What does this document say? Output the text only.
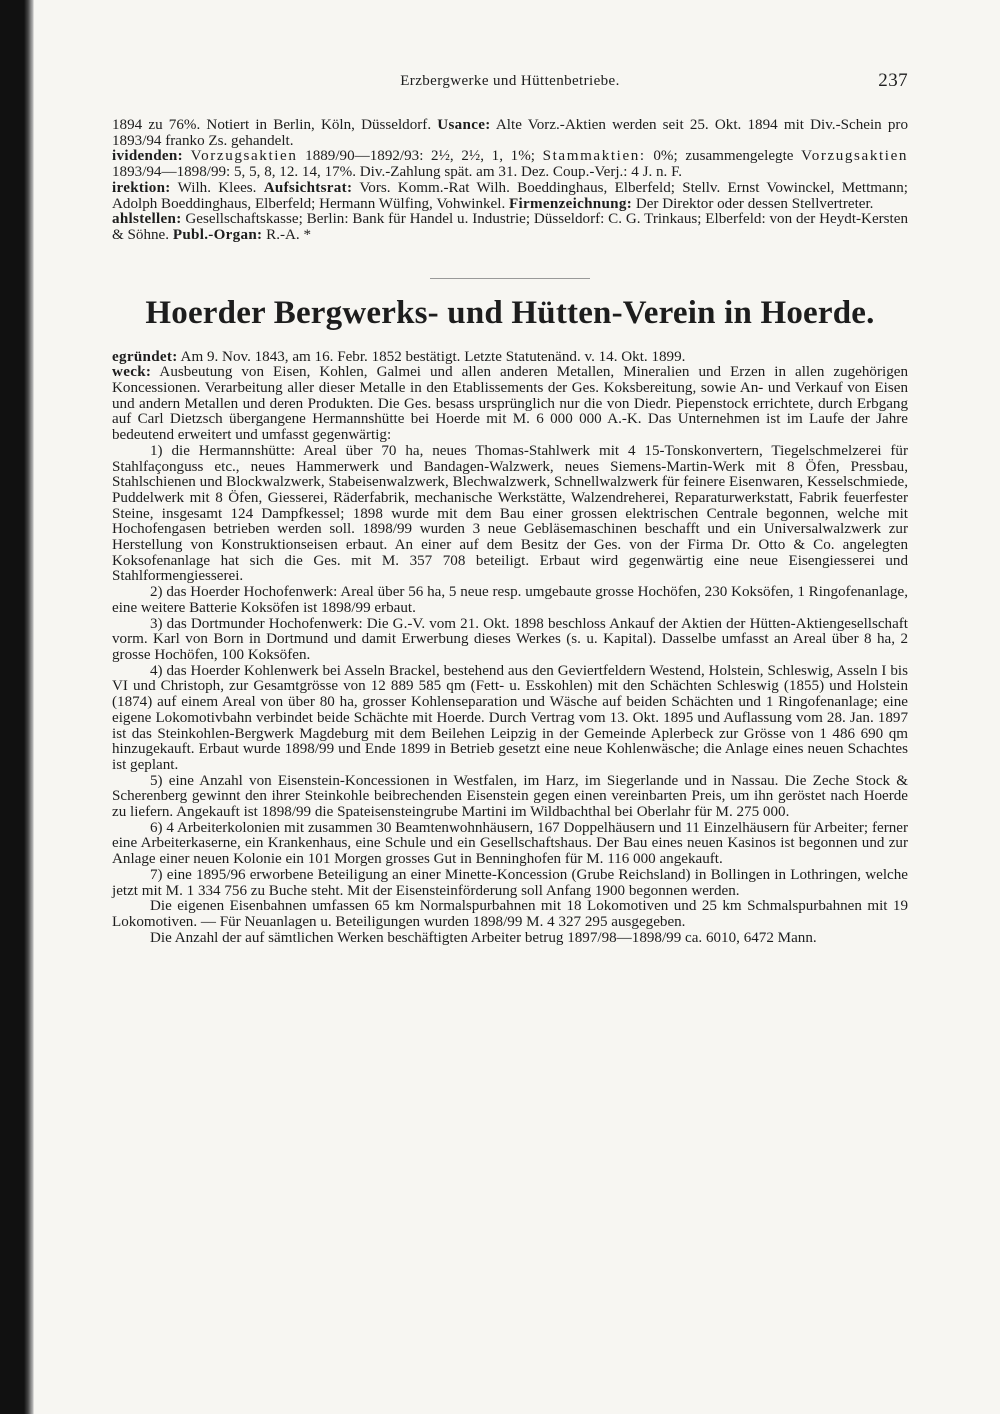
Erzbergwerke und Hüttenbetriebe.	237

1894 zu 76%. Notiert in Berlin, Köln, Düsseldorf. Usance: Alte Vorz.-Aktien werden seit 25. Okt. 1894 mit Div.-Schein pro 1893/94 franko Zs. gehandelt.

ividenden: Vorzugsaktien 1889/90—1892/93: 2½, 2½, 1, 1%; Stammaktien: 0%; zusammengelegte Vorzugsaktien 1893/94—1898/99: 5, 5, 8, 12. 14, 17%. Div.-Zahlung spät. am 31. Dez. Coup.-Verj.: 4 J. n. F.

irektion: Wilh. Klees. Aufsichtsrat: Vors. Komm.-Rat Wilh. Boeddinghaus, Elberfeld; Stellv. Ernst Vowinckel, Mettmann; Adolph Boeddinghaus, Elberfeld; Hermann Wülfing, Vohwinkel. Firmenzeichnung: Der Direktor oder dessen Stellvertreter.

ahlstellen: Gesellschaftskasse; Berlin: Bank für Handel u. Industrie; Düsseldorf: C. G. Trinkaus; Elberfeld: von der Heydt-Kersten & Söhne. Publ.-Organ: R.-A. *

Hoerder Bergwerks- und Hütten-Verein in Hoerde.

egründet: Am 9. Nov. 1843, am 16. Febr. 1852 bestätigt. Letzte Statutenänd. v. 14. Okt. 1899.

weck: Ausbeutung von Eisen, Kohlen, Galmei und allen anderen Metallen, Mineralien und Erzen in allen zugehörigen Koncessionen. Verarbeitung aller dieser Metalle in den Etablissements der Ges. Koksbereitung, sowie An- und Verkauf von Eisen und andern Metallen und deren Produkten. Die Ges. besass ursprünglich nur die von Diedr. Piepenstock errichtete, durch Erbgang auf Carl Dietzsch übergangene Hermannshütte bei Hoerde mit M. 6 000 000 A.-K. Das Unternehmen ist im Laufe der Jahre bedeutend erweitert und umfasst gegenwärtig:

1) die Hermannshütte: Areal über 70 ha, neues Thomas-Stahlwerk mit 4 15-Tonskonvertern, Tiegelschmelzerei für Stahlfaçonguss etc., neues Hammerwerk und Bandagen-Walzwerk, neues Siemens-Martin-Werk mit 8 Öfen, Pressbau, Stahlschienen und Blockwalzwerk, Stabeisenwalzwerk, Blechwalzwerk, Schnellwalzwerk für feinere Eisenwaren, Kesselschmiede, Puddelwerk mit 8 Öfen, Giesserei, Räderfabrik, mechanische Werkstätte, Walzendreherei, Reparaturwerkstatt, Fabrik feuerfester Steine, insgesamt 124 Dampfkessel; 1898 wurde mit dem Bau einer grossen elektrischen Centrale begonnen, welche mit Hochofengasen betrieben werden soll. 1898/99 wurden 3 neue Gebläsemaschinen beschafft und ein Universalwalzwerk zur Herstellung von Konstruktionseisen erbaut. An einer auf dem Besitz der Ges. von der Firma Dr. Otto & Co. angelegten Koksofenanlage hat sich die Ges. mit M. 357 708 beteiligt. Erbaut wird gegenwärtig eine neue Eisengiesserei und Stahlformengiesserei.

2) das Hoerder Hochofenwerk: Areal über 56 ha, 5 neue resp. umgebaute grosse Hochöfen, 230 Koksöfen, 1 Ringofenanlage, eine weitere Batterie Koksöfen ist 1898/99 erbaut.

3) das Dortmunder Hochofenwerk: Die G.-V. vom 21. Okt. 1898 beschloss Ankauf der Aktien der Hütten-Aktiengesellschaft vorm. Karl von Born in Dortmund und damit Erwerbung dieses Werkes (s. u. Kapital). Dasselbe umfasst an Areal über 8 ha, 2 grosse Hochöfen, 100 Koksöfen.

4) das Hoerder Kohlenwerk bei Asseln Brackel, bestehend aus den Geviertfeldern Westend, Holstein, Schleswig, Asseln I bis VI und Christoph, zur Gesamtgrösse von 12 889 585 qm (Fett- u. Esskohlen) mit den Schächten Schleswig (1855) und Holstein (1874) auf einem Areal von über 80 ha, grosser Kohlenseparation und Wäsche auf beiden Schächten und 1 Ringofenanlage; eine eigene Lokomotivbahn verbindet beide Schächte mit Hoerde. Durch Vertrag vom 13. Okt. 1895 und Auflassung vom 28. Jan. 1897 ist das Steinkohlen-Bergwerk Magdeburg mit dem Beilehen Leipzig in der Gemeinde Aplerbeck zur Grösse von 1 486 690 qm hinzugekauft. Erbaut wurde 1898/99 und Ende 1899 in Betrieb gesetzt eine neue Kohlenwäsche; die Anlage eines neuen Schachtes ist geplant.

5) eine Anzahl von Eisenstein-Koncessionen in Westfalen, im Harz, im Siegerlande und in Nassau. Die Zeche Stock & Scherenberg gewinnt den ihrer Steinkohle beibrechenden Eisenstein gegen einen vereinbarten Preis, um ihn geröstet nach Hoerde zu liefern. Angekauft ist 1898/99 die Spateisensteingrube Martini im Wildbachthal bei Oberlahr für M. 275 000.

6) 4 Arbeiterkolonien mit zusammen 30 Beamtenwohnhäusern, 167 Doppelhäusern und 11 Einzelhäusern für Arbeiter; ferner eine Arbeiterkaserne, ein Krankenhaus, eine Schule und ein Gesellschaftshaus. Der Bau eines neuen Kasinos ist begonnen und zur Anlage einer neuen Kolonie ein 101 Morgen grosses Gut in Benninghofen für M. 116 000 angekauft.

7) eine 1895/96 erworbene Beteiligung an einer Minette-Koncession (Grube Reichsland) in Bollingen in Lothringen, welche jetzt mit M. 1 334 756 zu Buche steht. Mit der Eisensteinförderung soll Anfang 1900 begonnen werden.

Die eigenen Eisenbahnen umfassen 65 km Normalspurbahnen mit 18 Lokomotiven und 25 km Schmalspurbahnen mit 19 Lokomotiven. — Für Neuanlagen u. Beteiligungen wurden 1898/99 M. 4 327 295 ausgegeben.

Die Anzahl der auf sämtlichen Werken beschäftigten Arbeiter betrug 1897/98—1898/99 ca. 6010, 6472 Mann.
